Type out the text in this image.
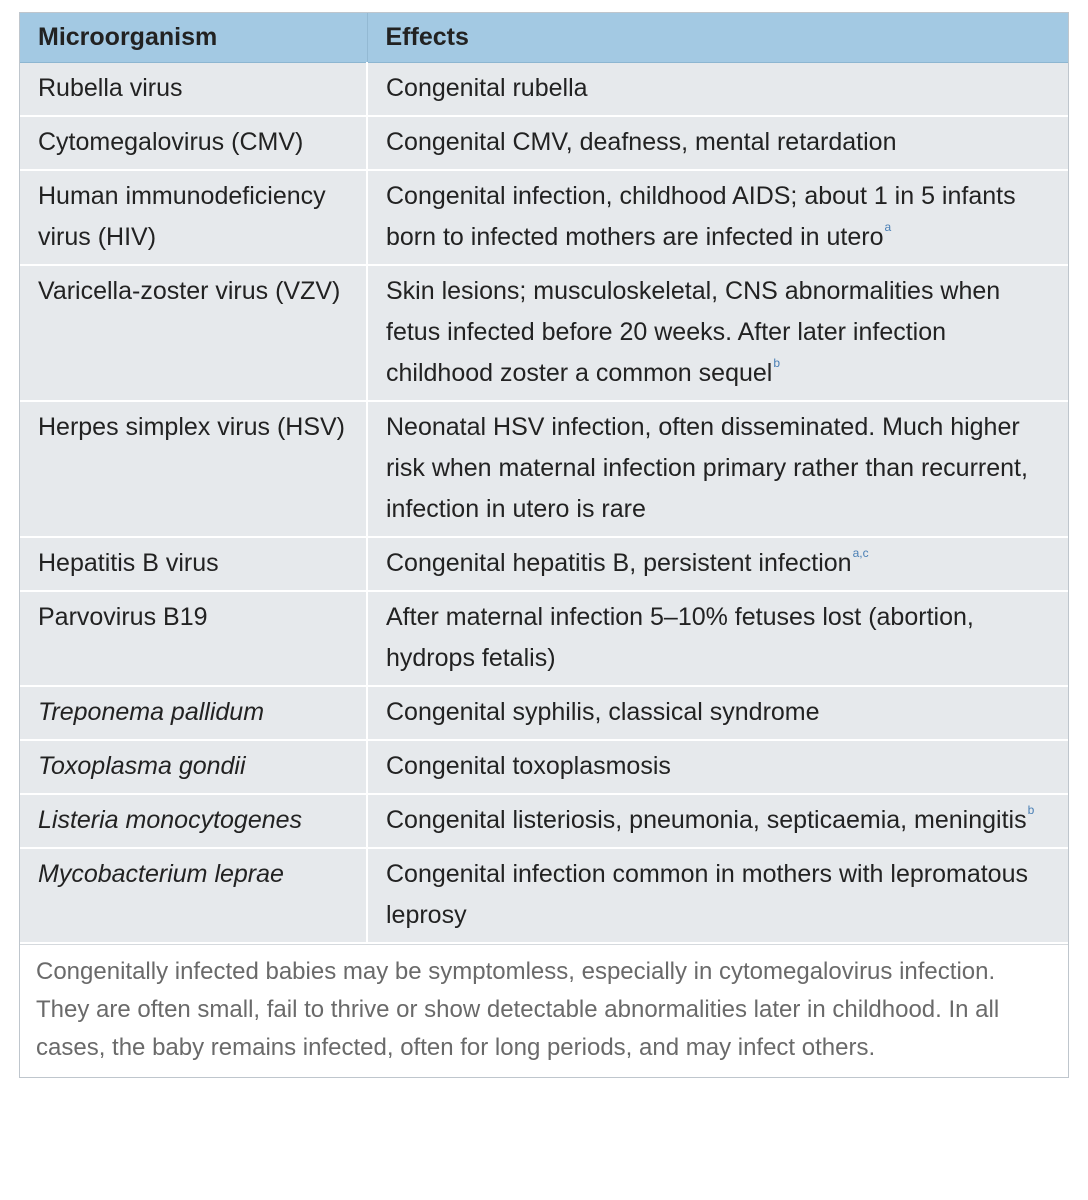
Microorganism	Effects
Rubella virus	Congenital rubella
Cytomegalovirus (CMV)	Congenital CMV, deafness, mental retardation
Human immunodeficiency virus (HIV)	Congenital infection, childhood AIDS; about 1 in 5 infants born to infected mothers are infected in utero$^a$
Varicella-zoster virus (VZV)	Skin lesions; musculoskeletal, CNS abnormalities when fetus infected before 20 weeks. After later infection childhood zoster a common sequel$^b$
Herpes simplex virus (HSV)	Neonatal HSV infection, often disseminated. Much higher risk when maternal infection primary rather than recurrent, infection in utero is rare
Hepatitis B virus	Congenital hepatitis B, persistent infection$^{a,c}$
Parvovirus B19	After maternal infection 5–10% fetuses lost (abortion, hydrops fetalis)
Treponema pallidum	Congenital syphilis, classical syndrome
Toxoplasma gondii	Congenital toxoplasmosis
Listeria monocytogenes	Congenital listeriosis, pneumonia, septicaemia, meningitis$^b$
Mycobacterium leprae	Congenital infection common in mothers with lepromatous leprosy
Congenitally infected babies may be symptomless, especially in cytomegalovirus infection. They are often small, fail to thrive or show detectable abnormalities later in childhood. In all cases, the baby remains infected, often for long periods, and may infect others.
